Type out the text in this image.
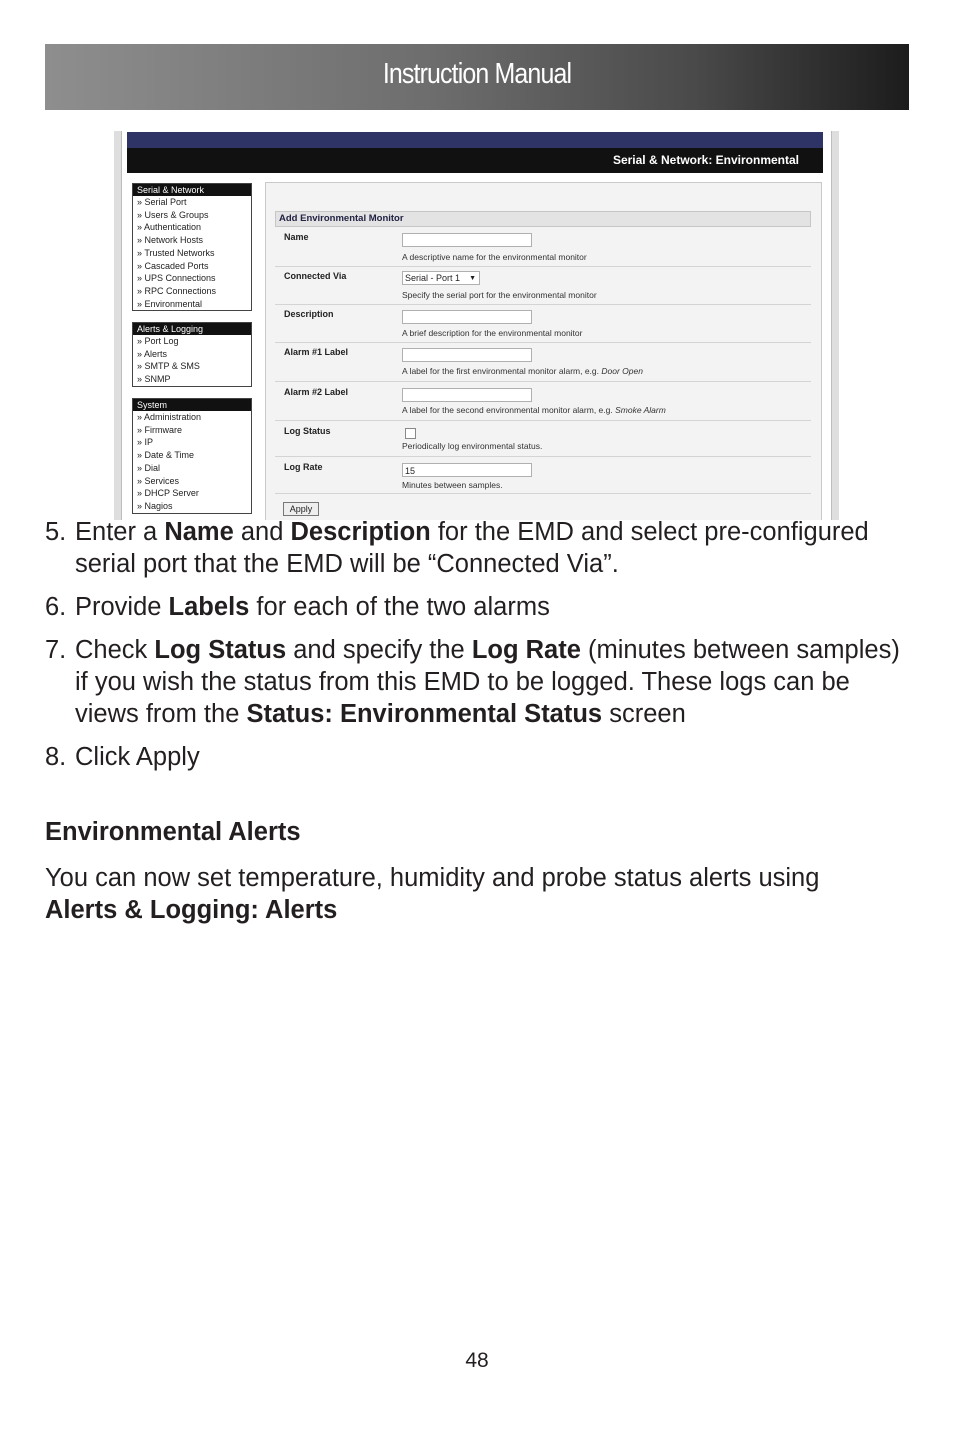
Instruction Manual
Serial & Network: Environmental
Serial & Network
» Serial Port
» Users & Groups
» Authentication
» Network Hosts
» Trusted Networks
» Cascaded Ports
» UPS Connections
» RPC Connections
» Environmental
Alerts & Logging
» Port Log
» Alerts
» SMTP & SMS
» SNMP
System
» Administration
» Firmware
» IP
» Date & Time
» Dial
» Services
» DHCP Server
» Nagios
Add Environmental Monitor
Name
A descriptive name for the environmental monitor
Connected Via	Serial - Port 1 ▼
Specify the serial port for the environmental monitor
Description
A brief description for the environmental monitor
Alarm #1 Label
A label for the first environmental monitor alarm, e.g. Door Open
Alarm #2 Label
A label for the second environmental monitor alarm, e.g. Smoke Alarm
Log Status
Periodically log environmental status.
Log Rate	15
Minutes between samples.
Apply
5. Enter a Name and Description for the EMD and select pre-configured serial port that the EMD will be “Connected Via”.
6. Provide Labels for each of the two alarms
7. Check Log Status and specify the Log Rate (minutes between samples) if you wish the status from this EMD to be logged. These logs can be views from the Status: Environmental Status screen
8. Click Apply
Environmental Alerts
You can now set temperature, humidity and probe status alerts using
Alerts & Logging: Alerts
48
